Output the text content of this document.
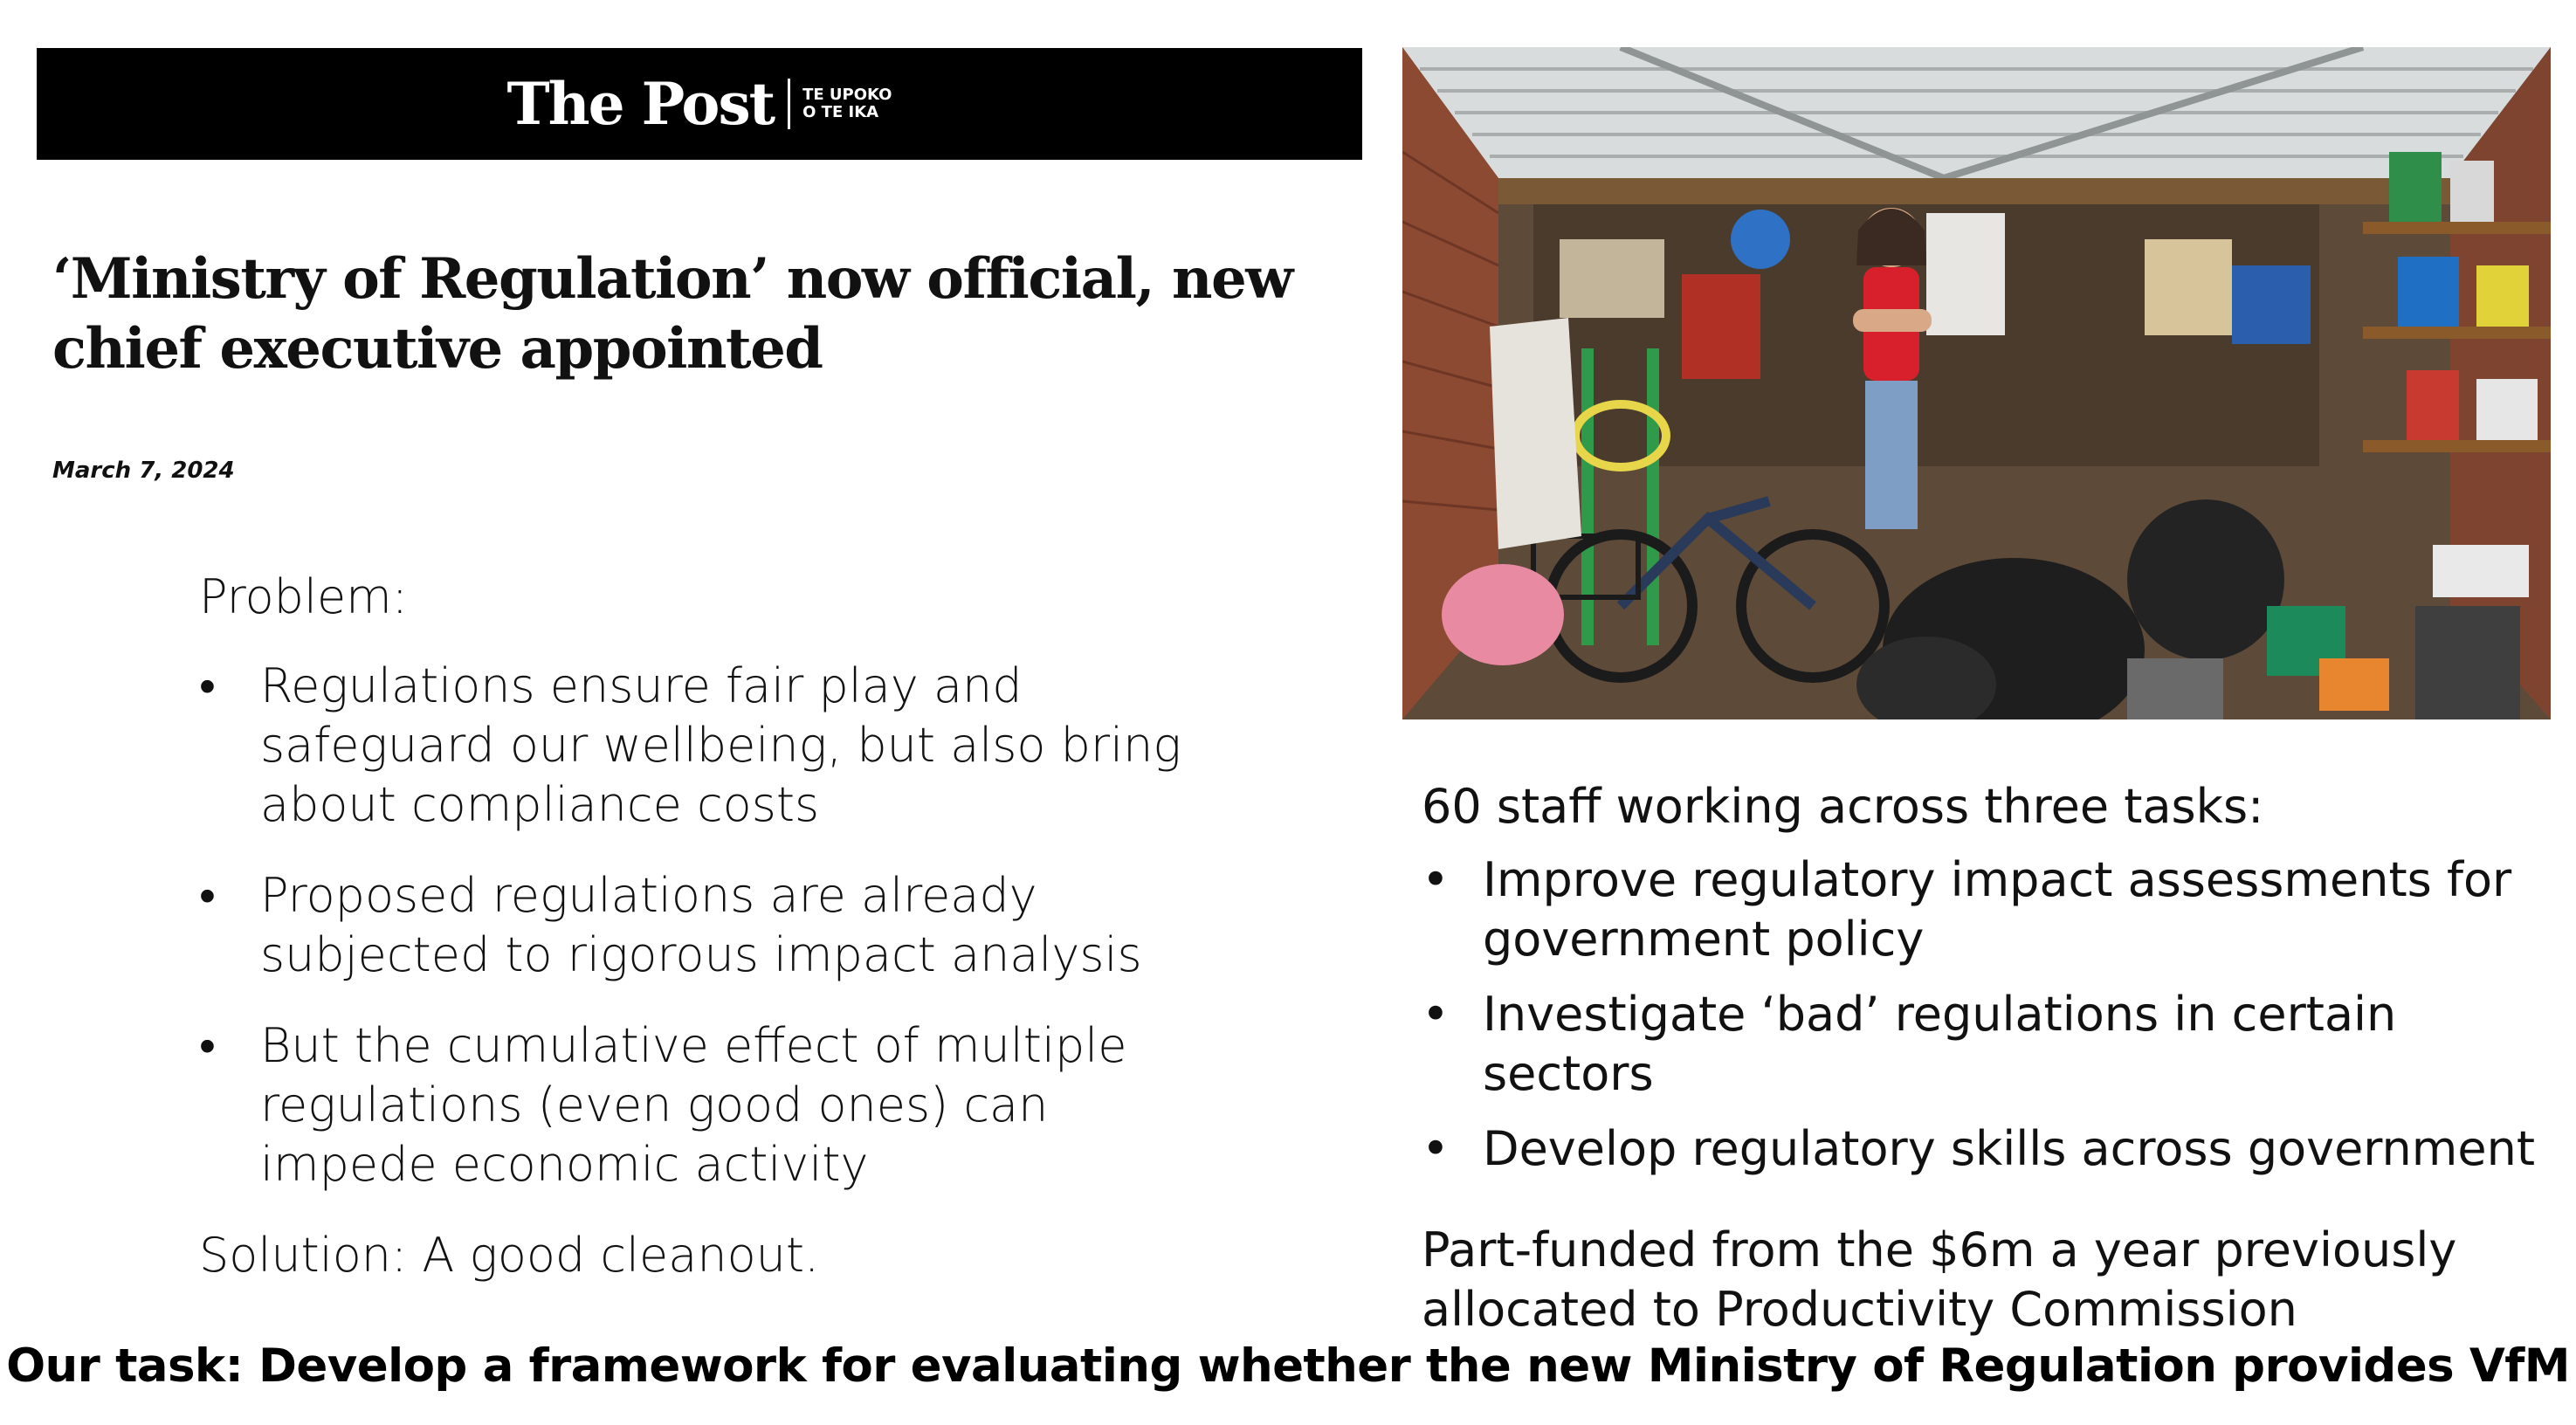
The Post TE UPOKO
O TE IKA
‘Ministry of Regulation’ now official, new chief executive appointed
March 7, 2024

Problem:

• Regulations ensure fair play and safeguard our wellbeing, but also bring about compliance costs
• Proposed regulations are already subjected to rigorous impact analysis
• But the cumulative effect of multiple regulations (even good ones) can impede economic activity

Solution: A good cleanout.

60 staff working across three tasks:

• Improve regulatory impact assessments for government policy
• Investigate ‘bad’ regulations in certain sectors
• Develop regulatory skills across government

Part-funded from the $6m a year previously allocated to Productivity Commission

Our task: Develop a framework for evaluating whether the new Ministry of Regulation provides VfM
